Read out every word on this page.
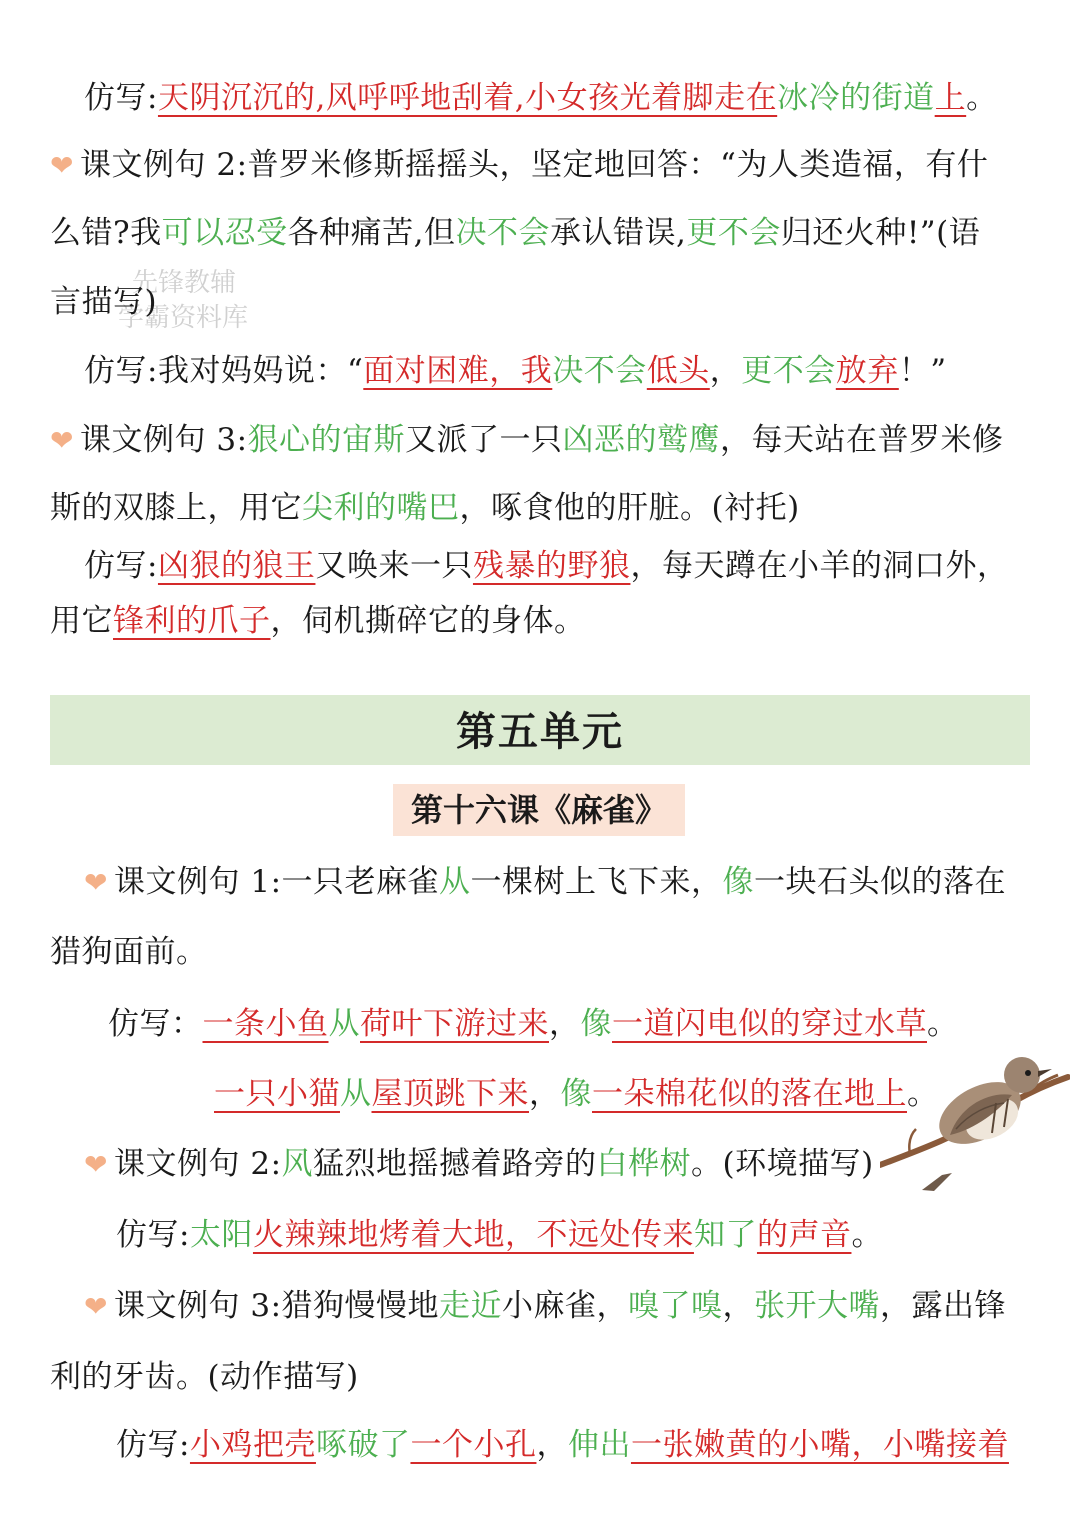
先锋教辅
学霸资料库
仿写:天阴沉沉的,风呼呼地刮着,小女孩光着脚走在冰冷的街道上。
❤ 课文例句 2:普罗米修斯摇摇头，坚定地回答：“为人类造福，有什
么错?我可以忍受各种痛苦,但决不会承认错误,更不会归还火种!”(语
言描写)
仿写:我对妈妈说：“面对困难，我决不会低头，更不会放弃！”
❤ 课文例句 3:狠心的宙斯又派了一只凶恶的鹫鹰，每天站在普罗米修
斯的双膝上，用它尖利的嘴巴，啄食他的肝脏。(衬托)
仿写:凶狠的狼王又唤来一只残暴的野狼，每天蹲在小羊的洞口外，
用它锋利的爪子，伺机撕碎它的身体。
第五单元
第十六课《麻雀》
❤ 课文例句 1:一只老麻雀从一棵树上飞下来，像一块石头似的落在
猎狗面前。
仿写：一条小鱼从荷叶下游过来，像一道闪电似的穿过水草。
一只小猫从屋顶跳下来，像一朵棉花似的落在地上。
❤ 课文例句 2:风猛烈地摇撼着路旁的白桦树。(环境描写)
仿写:太阳火辣辣地烤着大地，不远处传来知了的声音。
❤ 课文例句 3:猎狗慢慢地走近小麻雀，嗅了嗅，张开大嘴，露出锋
利的牙齿。(动作描写)
仿写:小鸡把壳啄破了一个小孔，伸出一张嫩黄的小嘴，小嘴接着
